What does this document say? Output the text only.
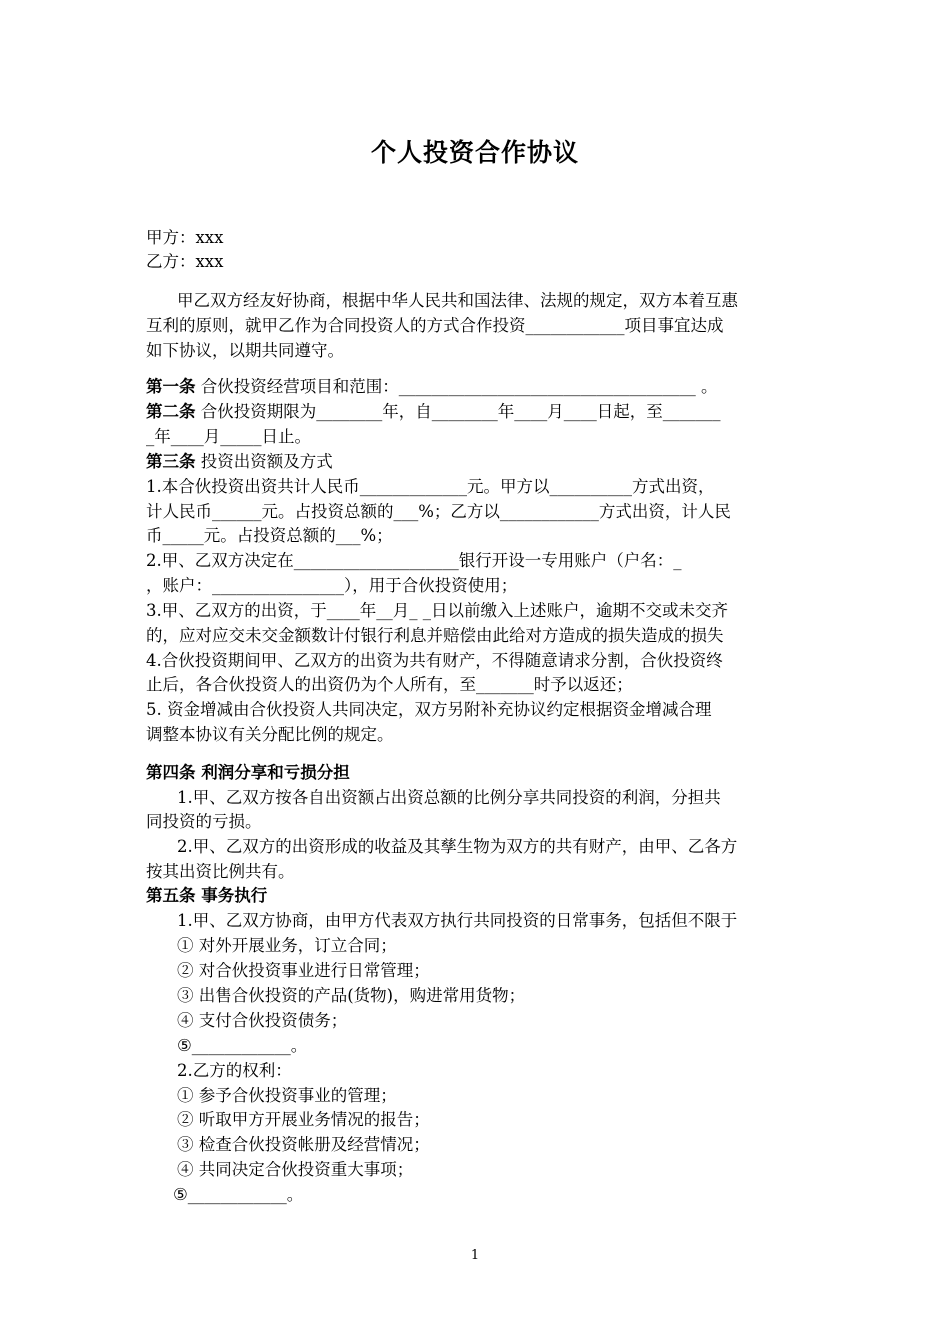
个人投资合作协议
甲方：xxx
乙方：xxx
甲乙双方经友好协商，根据中华人民共和国法律、法规的规定，双方本着互惠
互利的原则，就甲乙作为合同投资人的方式合作投资____________项目事宜达成
如下协议，以期共同遵守。
第一条 合伙投资经营项目和范围：____________________________________ 。
第二条 合伙投资期限为________年，自________年____月____日起，至_______
_年____月_____日止。
第三条 投资出资额及方式
1.本合伙投资出资共计人民币_____________元。甲方以__________方式出资，
计人民币______元。占投资总额的___%；乙方以____________方式出资，计人民
币_____元。占投资总额的___%；
2.甲、乙双方决定在____________________银行开设一专用账户（户名：_
，账户：________________），用于合伙投资使用；
3.甲、乙双方的出资，于____年__月_ _日以前缴入上述账户，逾期不交或未交齐
的，应对应交未交金额数计付银行利息并赔偿由此给对方造成的损失造成的损失
4.合伙投资期间甲、乙双方的出资为共有财产，不得随意请求分割，合伙投资终
止后，各合伙投资人的出资仍为个人所有，至_______时予以返还；
5. 资金增减由合伙投资人共同决定，双方另附补充协议约定根据资金增减合理
调整本协议有关分配比例的规定。
第四条 利润分享和亏损分担
1.甲、乙双方按各自出资额占出资总额的比例分享共同投资的利润，分担共
同投资的亏损。
2.甲、乙双方的出资形成的收益及其孳生物为双方的共有财产，由甲、乙各方
按其出资比例共有。
第五条 事务执行
1.甲、乙双方协商，由甲方代表双方执行共同投资的日常事务，包括但不限于
① 对外开展业务，订立合同；
② 对合伙投资事业进行日常管理；
③ 出售合伙投资的产品(货物)，购进常用货物；
④ 支付合伙投资债务；
⑤____________。
2.乙方的权利：
① 参予合伙投资事业的管理；
② 听取甲方开展业务情况的报告；
③ 检查合伙投资帐册及经营情况；
④ 共同决定合伙投资重大事项；
⑤____________。
1
